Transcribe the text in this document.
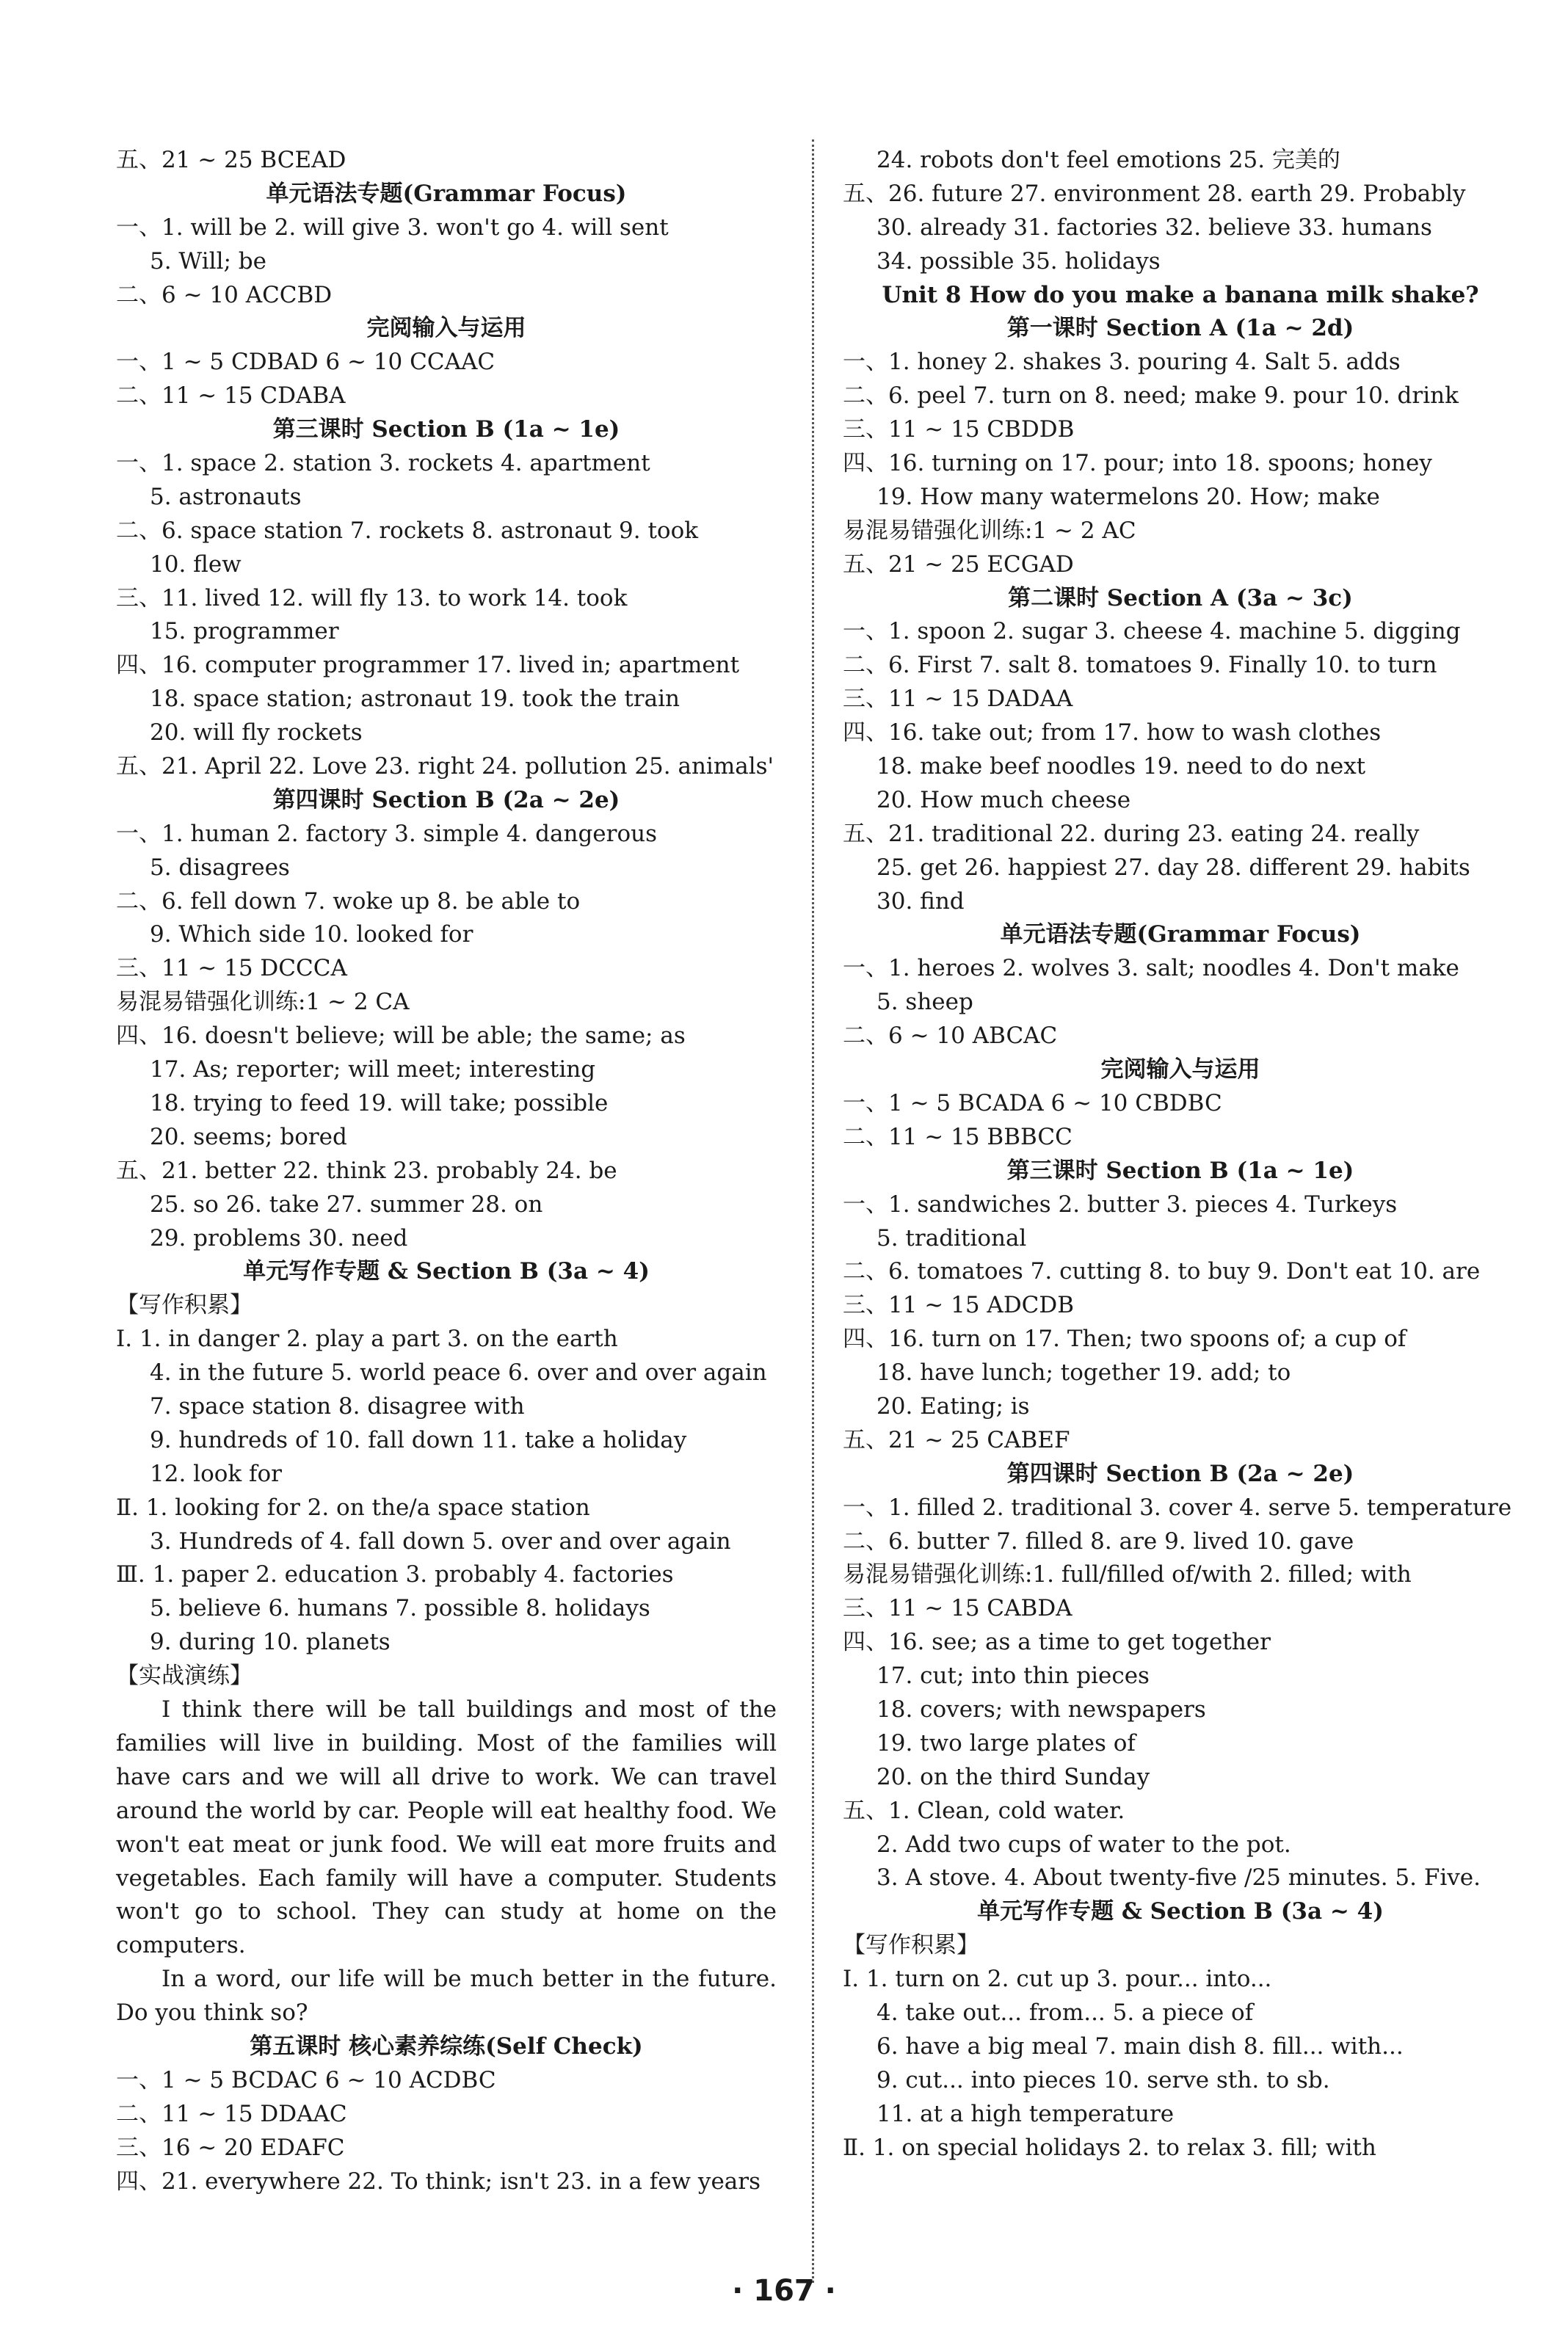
五、21 ~ 25 BCEAD
单元语法专题(Grammar Focus)
一、1. will be 2. will give 3. won't go 4. will sent
5. Will; be
二、6 ~ 10 ACCBD
完阅输入与运用
一、1 ~ 5 CDBAD 6 ~ 10 CCAAC
二、11 ~ 15 CDABA
第三课时 Section B (1a ~ 1e)
一、1. space 2. station 3. rockets 4. apartment
5. astronauts
二、6. space station 7. rockets 8. astronaut 9. took
10. flew
三、11. lived 12. will fly 13. to work 14. took
15. programmer
四、16. computer programmer 17. lived in; apartment
18. space station; astronaut 19. took the train
20. will fly rockets
五、21. April 22. Love 23. right 24. pollution 25. animals'
第四课时 Section B (2a ~ 2e)
一、1. human 2. factory 3. simple 4. dangerous
5. disagrees
二、6. fell down 7. woke up 8. be able to
9. Which side 10. looked for
三、11 ~ 15 DCCCA
易混易错强化训练:1 ~ 2 CA
四、16. doesn't believe; will be able; the same; as
17. As; reporter; will meet; interesting
18. trying to feed 19. will take; possible
20. seems; bored
五、21. better 22. think 23. probably 24. be
25. so 26. take 27. summer 28. on
29. problems 30. need
单元写作专题 & Section B (3a ~ 4)
【写作积累】
Ⅰ. 1. in danger 2. play a part 3. on the earth
4. in the future 5. world peace 6. over and over again
7. space station 8. disagree with
9. hundreds of 10. fall down 11. take a holiday
12. look for
Ⅱ. 1. looking for 2. on the/a space station
3. Hundreds of 4. fall down 5. over and over again
Ⅲ. 1. paper 2. education 3. probably 4. factories
5. believe 6. humans 7. possible 8. holidays
9. during 10. planets
【实战演练】
I think there will be tall buildings and most of the families will live in building. Most of the families will have cars and we will all drive to work. We can travel around the world by car. People will eat healthy food. We won't eat meat or junk food. We will eat more fruits and vegetables. Each family will have a computer. Students won't go to school. They can study at home on the computers.
In a word, our life will be much better in the future. Do you think so?
第五课时 核心素养综练(Self Check)
一、1 ~ 5 BCDAC 6 ~ 10 ACDBC
二、11 ~ 15 DDAAC
三、16 ~ 20 EDAFC
四、21. everywhere 22. To think; isn't 23. in a few years
24. robots don't feel emotions 25. 完美的
五、26. future 27. environment 28. earth 29. Probably
30. already 31. factories 32. believe 33. humans
34. possible 35. holidays
Unit 8 How do you make a banana milk shake?
第一课时 Section A (1a ~ 2d)
一、1. honey 2. shakes 3. pouring 4. Salt 5. adds
二、6. peel 7. turn on 8. need; make 9. pour 10. drink
三、11 ~ 15 CBDDB
四、16. turning on 17. pour; into 18. spoons; honey
19. How many watermelons 20. How; make
易混易错强化训练:1 ~ 2 AC
五、21 ~ 25 ECGAD
第二课时 Section A (3a ~ 3c)
一、1. spoon 2. sugar 3. cheese 4. machine 5. digging
二、6. First 7. salt 8. tomatoes 9. Finally 10. to turn
三、11 ~ 15 DADAA
四、16. take out; from 17. how to wash clothes
18. make beef noodles 19. need to do next
20. How much cheese
五、21. traditional 22. during 23. eating 24. really
25. get 26. happiest 27. day 28. different 29. habits
30. find
单元语法专题(Grammar Focus)
一、1. heroes 2. wolves 3. salt; noodles 4. Don't make
5. sheep
二、6 ~ 10 ABCAC
完阅输入与运用
一、1 ~ 5 BCADA 6 ~ 10 CBDBC
二、11 ~ 15 BBBCC
第三课时 Section B (1a ~ 1e)
一、1. sandwiches 2. butter 3. pieces 4. Turkeys
5. traditional
二、6. tomatoes 7. cutting 8. to buy 9. Don't eat 10. are
三、11 ~ 15 ADCDB
四、16. turn on 17. Then; two spoons of; a cup of
18. have lunch; together 19. add; to
20. Eating; is
五、21 ~ 25 CABEF
第四课时 Section B (2a ~ 2e)
一、1. filled 2. traditional 3. cover 4. serve 5. temperature
二、6. butter 7. filled 8. are 9. lived 10. gave
易混易错强化训练:1. full/filled of/with 2. filled; with
三、11 ~ 15 CABDA
四、16. see; as a time to get together
17. cut; into thin pieces
18. covers; with newspapers
19. two large plates of
20. on the third Sunday
五、1. Clean, cold water.
2. Add two cups of water to the pot.
3. A stove. 4. About twenty-five /25 minutes. 5. Five.
单元写作专题 & Section B (3a ~ 4)
【写作积累】
Ⅰ. 1. turn on 2. cut up 3. pour... into...
4. take out... from... 5. a piece of
6. have a big meal 7. main dish 8. fill... with...
9. cut... into pieces 10. serve sth. to sb.
11. at a high temperature
Ⅱ. 1. on special holidays 2. to relax 3. fill; with
· 167 ·
